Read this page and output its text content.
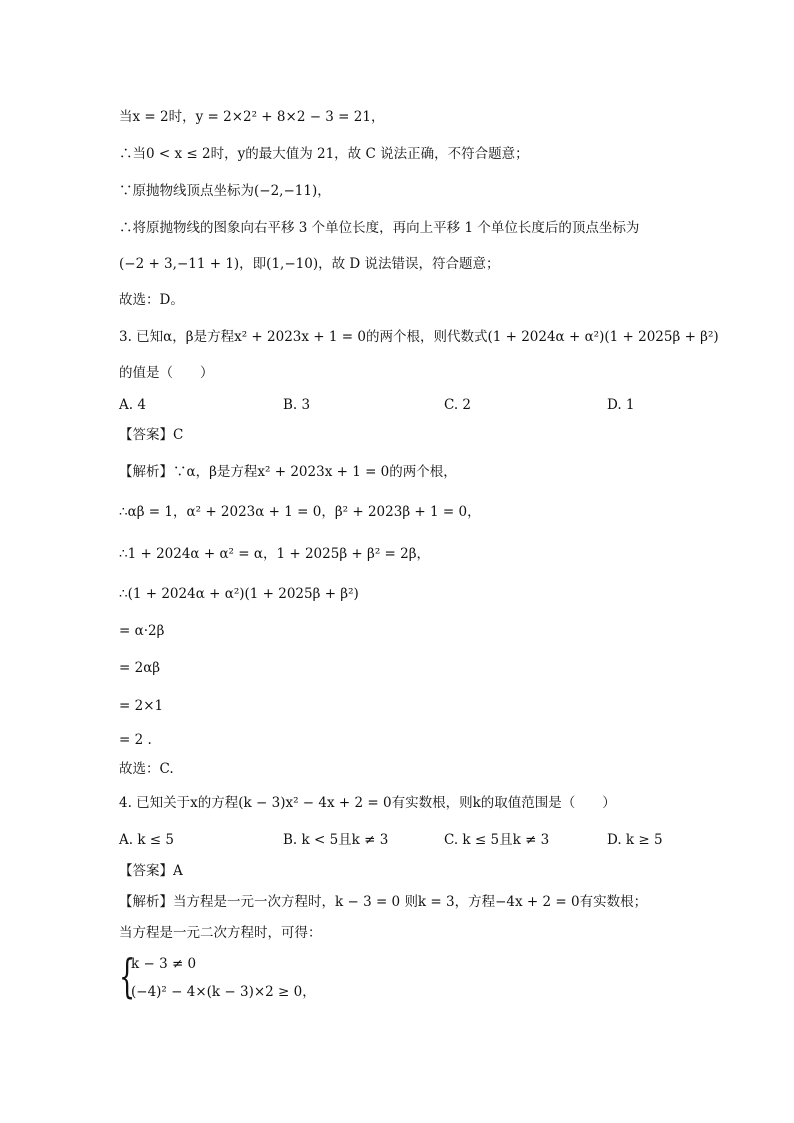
当x = 2时，y = 2×2² + 8×2 − 3 = 21，
∴当0 < x ≤ 2时，y的最大值为 21，故 C 说法正确，不符合题意；
∵原抛物线顶点坐标为(−2,−11)，
∴将原抛物线的图象向右平移 3 个单位长度，再向上平移 1 个单位长度后的顶点坐标为
(−2 + 3,−11 + 1)，即(1,−10)，故 D 说法错误，符合题意；
故选：D。
3. 已知α，β是方程x² + 2023x + 1 = 0的两个根，则代数式(1 + 2024α + α²)(1 + 2025β + β²)
的值是（　　）
A. 4	B. 3	C. 2	D. 1
【答案】C
【解析】∵α，β是方程x² + 2023x + 1 = 0的两个根，
∴αβ = 1，α² + 2023α + 1 = 0，β² + 2023β + 1 = 0，
∴1 + 2024α + α² = α，1 + 2025β + β² = 2β，
∴(1 + 2024α + α²)(1 + 2025β + β²)
= α·2β
= 2αβ
= 2×1
= 2 .
故选：C.
4. 已知关于x的方程(k − 3)x² − 4x + 2 = 0有实数根，则k的取值范围是（　　）
A. k ≤ 5	B. k < 5且k ≠ 3	C. k ≤ 5且k ≠ 3	D. k ≥ 5
【答案】A
【解析】当方程是一元一次方程时，k − 3 = 0 则k = 3，方程−4x + 2 = 0有实数根；
当方程是一元二次方程时，可得：
{
k − 3 ≠ 0
(−4)² − 4×(k − 3)×2 ≥ 0，
